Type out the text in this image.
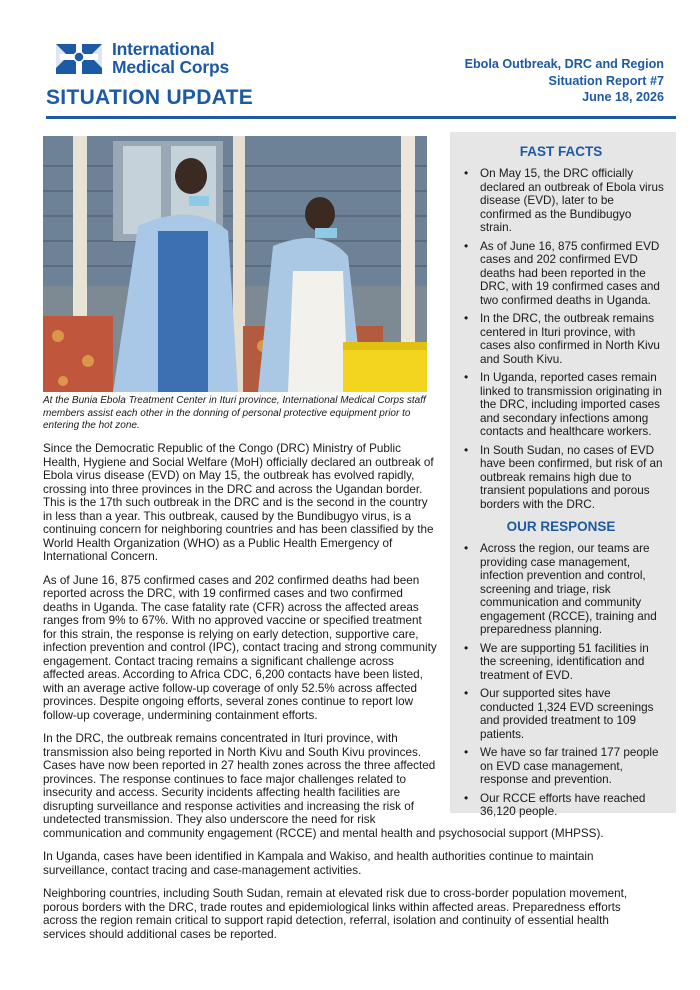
International
Medical Corps
SITUATION UPDATE
Ebola Outbreak, DRC and Region
Situation Report #7
June 18, 2026
At the Bunia Ebola Treatment Center in Ituri province, International Medical Corps staff members assist each other in the donning of personal protective equipment prior to entering the hot zone.
FAST FACTS
• On May 15, the DRC officially declared an outbreak of Ebola virus disease (EVD), later to be confirmed as the Bundibugyo strain.
• As of June 16, 875 confirmed EVD cases and 202 confirmed EVD deaths had been reported in the DRC, with 19 confirmed cases and two confirmed deaths in Uganda.
• In the DRC, the outbreak remains centered in Ituri province, with cases also confirmed in North Kivu and South Kivu.
• In Uganda, reported cases remain linked to transmission originating in the DRC, including imported cases and secondary infections among contacts and healthcare workers.
• In South Sudan, no cases of EVD have been confirmed, but risk of an outbreak remains high due to transient populations and porous borders with the DRC.
OUR RESPONSE
• Across the region, our teams are providing case management, infection prevention and control, screening and triage, risk communication and community engagement (RCCE), training and preparedness planning.
• We are supporting 51 facilities in the screening, identification and treatment of EVD.
• Our supported sites have conducted 1,324 EVD screenings and provided treatment to 109 patients.
• We have so far trained 177 people on EVD case management, response and prevention.
• Our RCCE efforts have reached 36,120 people.

Since the Democratic Republic of the Congo (DRC) Ministry of Public Health, Hygiene and Social Welfare (MoH) officially declared an outbreak of Ebola virus disease (EVD) on May 15, the outbreak has evolved rapidly, crossing into three provinces in the DRC and across the Ugandan border. This is the 17th such outbreak in the DRC and is the second in the country in less than a year. This outbreak, caused by the Bundibugyo virus, is a continuing concern for neighboring countries and has been classified by the World Health Organization (WHO) as a Public Health Emergency of International Concern.

As of June 16, 875 confirmed cases and 202 confirmed deaths had been reported across the DRC, with 19 confirmed cases and two confirmed deaths in Uganda. The case fatality rate (CFR) across the affected areas ranges from 9% to 67%. With no approved vaccine or specified treatment for this strain, the response is relying on early detection, supportive care, infection prevention and control (IPC), contact tracing and strong community engagement. Contact tracing remains a significant challenge across affected areas. According to Africa CDC, 6,200 contacts have been listed, with an average active follow-up coverage of only 52.5% across affected provinces. Despite ongoing efforts, several zones continue to report low follow-up coverage, undermining containment efforts.

In the DRC, the outbreak remains concentrated in Ituri province, with transmission also being reported in North Kivu and South Kivu provinces. Cases have now been reported in 27 health zones across the three affected provinces. The response continues to face major challenges related to insecurity and access. Security incidents affecting health facilities are disrupting surveillance and response activities and increasing the risk of undetected transmission. They also underscore the need for risk communication and community engagement (RCCE) and mental health and psychosocial support (MHPSS).

In Uganda, cases have been identified in Kampala and Wakiso, and health authorities continue to maintain surveillance, contact tracing and case-management activities.

Neighboring countries, including South Sudan, remain at elevated risk due to cross-border population movement, porous borders with the DRC, trade routes and epidemiological links within affected areas. Preparedness efforts across the region remain critical to support rapid detection, referral, isolation and continuity of essential health services should additional cases be reported.
